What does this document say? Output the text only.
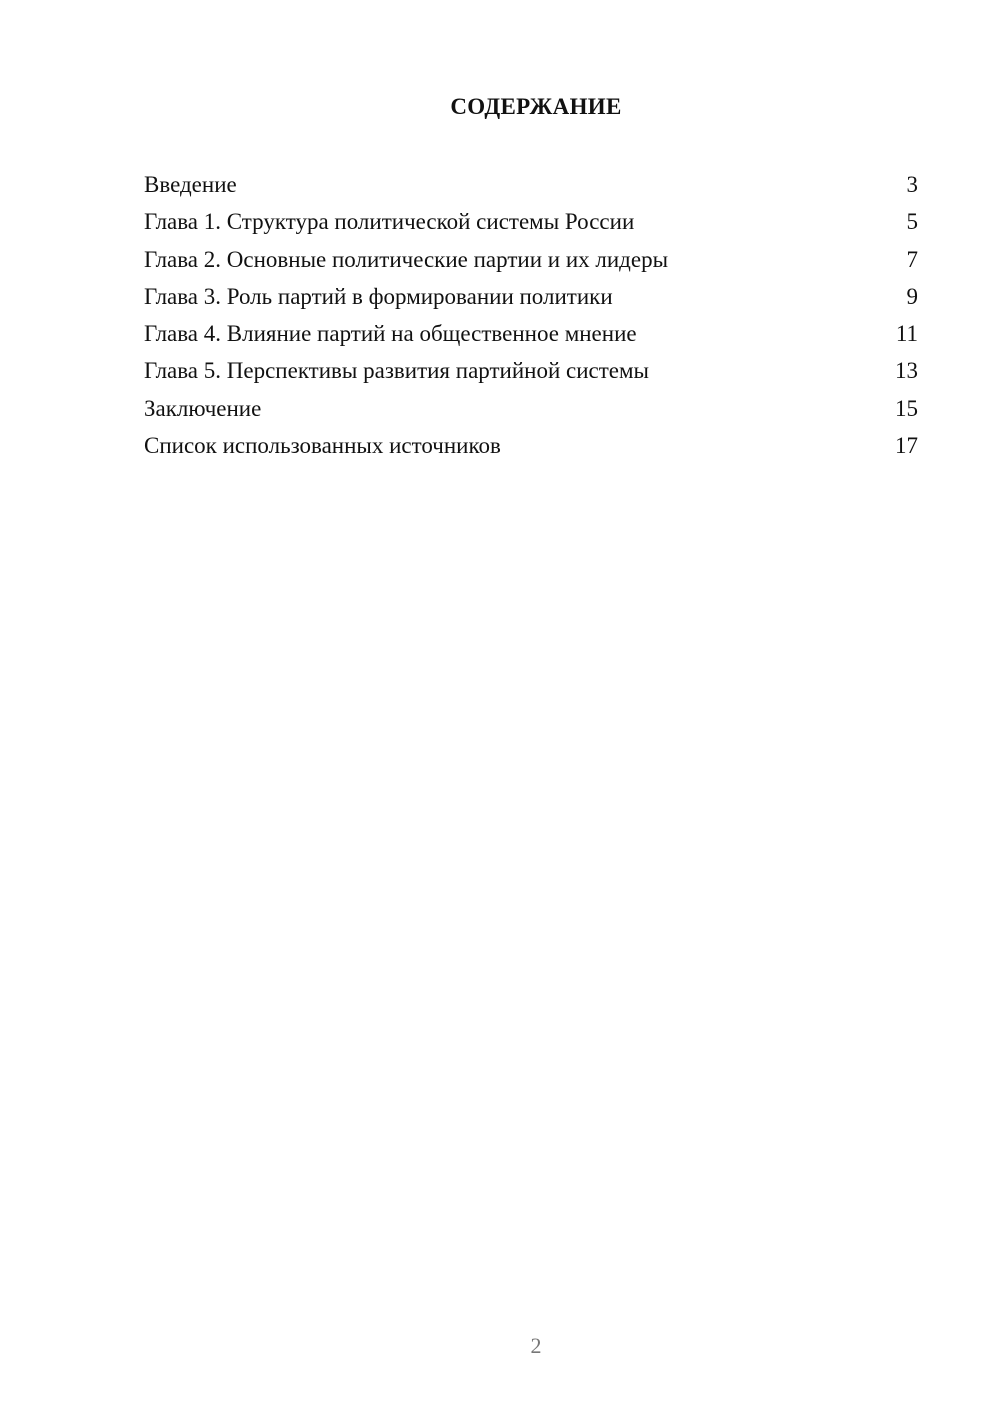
СОДЕРЖАНИЕ
Введение	3
Глава 1. Структура политической системы России	5
Глава 2. Основные политические партии и их лидеры	7
Глава 3. Роль партий в формировании политики	9
Глава 4. Влияние партий на общественное мнение	11
Глава 5. Перспективы развития партийной системы	13
Заключение	15
Список использованных источников	17
2
